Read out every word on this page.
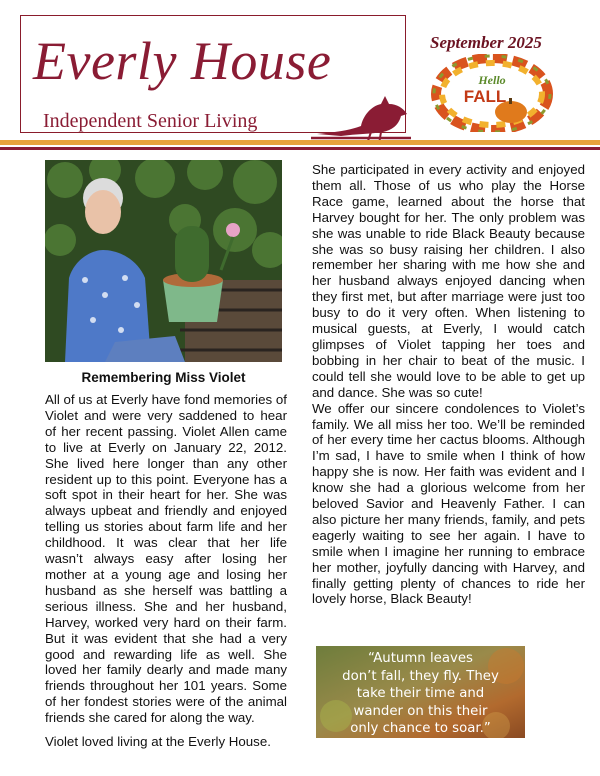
Everly House
Independent Senior Living
September 2025
Hello
FALL
Remembering Miss Violet

All of us at Everly have fond memories of Violet and were very saddened to hear of her recent passing. Violet Allen came to live at Everly on January 22, 2012. She lived here longer than any other resident up to this point. Everyone has a soft spot in their heart for her. She was always upbeat and friendly and enjoyed telling us stories about farm life and her childhood. It was clear that her life wasn’t always easy after losing her mother at a young age and losing her husband as she herself was battling a serious illness. She and her husband, Harvey, worked very hard on their farm. But it was evident that she had a very good and rewarding life as well. She loved her family dearly and made many friends throughout her 101 years. Some of her fondest stories were of the animal friends she cared for along the way.

Violet loved living at the Everly House.

She participated in every activity and enjoyed them all. Those of us who play the Horse Race game, learned about the horse that Harvey bought for her. The only problem was she was unable to ride Black Beauty because she was so busy raising her children. I also remember her sharing with me how she and her husband always enjoyed dancing when they first met, but after marriage were just too busy to do it very often. When listening to musical guests, at Everly, I would catch glimpses of Violet tapping her toes and bobbing in her chair to beat of the music. I could tell she would love to be able to get up and dance. She was so cute!

We offer our sincere condolences to Violet’s family. We all miss her too. We’ll be reminded of her every time her cactus blooms. Although I’m sad, I have to smile when I think of how happy she is now. Her faith was evident and I know she had a glorious welcome from her beloved Savior and Heavenly Father. I can also picture her many friends, family, and pets eagerly waiting to see her again. I have to smile when I imagine her running to embrace her mother, joyfully dancing with Harvey, and finally getting plenty of chances to ride her lovely horse, Black Beauty!

“Autumn leaves
don’t fall, they fly. They
take their time and
wander on this their
only chance to soar.”
